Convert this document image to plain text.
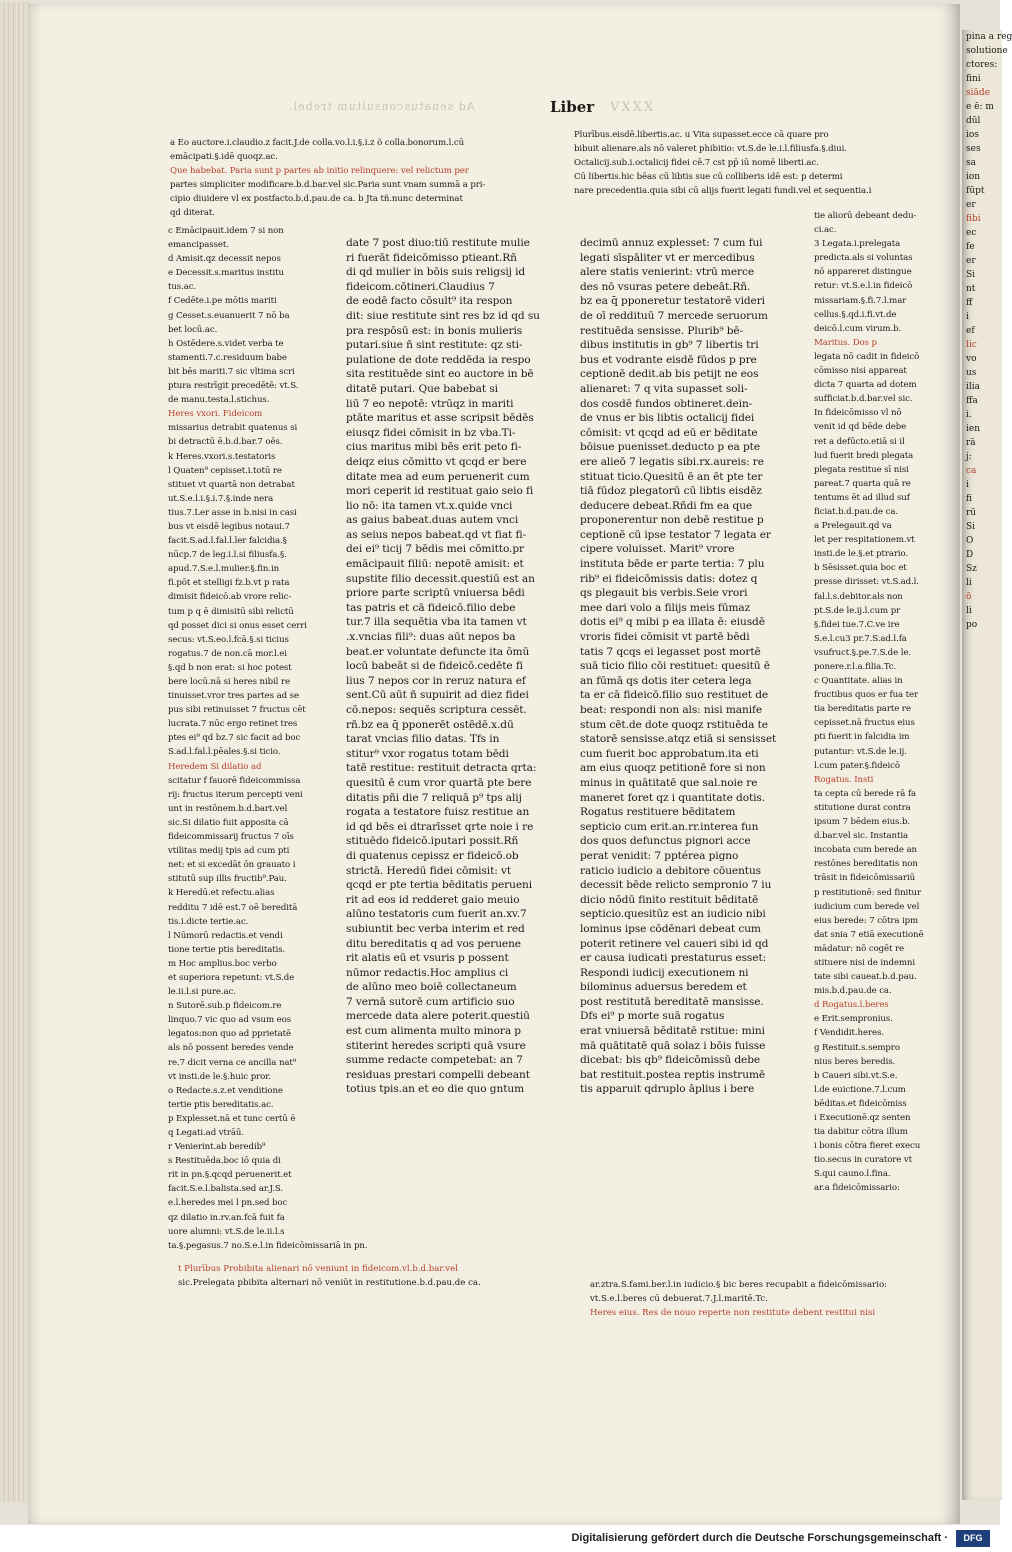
Ad senatusconsultum trebel.	Liber VXXX

a Eo auctore.i.claudio.z facit.J.de colla.vo.l.i.§.i.z ö colla.bonorum.l.cū

emācipati.§.idē quoqz.ac.

Que habebat. Paria sunt p partes ab initio relinquere: vel relictum per

partes simpliciter modificare.b.d.bar.vel sic.Paria sunt vnam summā a pri-

cipio diuidere vl ex postfacto.b.d.pau.de ca. b Jta tñ.nunc determinat

qd diterat.

Plurībus.eisdē.libertis.ac. u Vita supasset.ecce cā quare pro

bibuit alienare.als nō valeret phibitio: vt.S.de le.i.l.filiusfa.§.diui.

Octalicij.sub.i.octalicij fidei cē.7 cst pp̄ iū nomē liberti.ac.

Cū libertis.hic bēas cū libtis sue cū colliberis idē est: p determi

nare precedentia.quia sibi cū alijs fuerit legati fundi.vel et sequentia.i

c Emācipauit.idem 7 si non

emancipasset.

d Amisit.qz decessit nepos

e Decessit.s.maritus institu

tus.ac.

f Cedēte.i.pe mōtis mariti

g Cesset.s.euanuerit 7 nō ba

bet locū.ac.

h Ostēdere.s.videt verba te

stamenti.7.c.residuum babe

bit bēs mariti.7 sic vltima scri

ptura restrīgit precedētē: vt.S.

de manu.testa.l.stichus.

Heres vxori. Fideicom

missarius detrabit quatenus si

bi detractū ē.b.d.bar.7 oēs.

k Heres.vxori.s.testatoris

l Quaten⁹ cepisset.i.totū re

stituet vt quartā non detrabat

ut.S.e.l.i.§.i.7.§.inde nera

tius.7.Ler asse in b.nisi in casi

bus vt eisdē legibus notaui.7

facit.S.ad.l.fal.l.ler falcidia.§

nūcp.7 de leg.i.l.si filiusfa.§.

apud.7.S.e.l.mulier.§.fin.in

fi.pōt et stelligi fz.b.vt p rata

dimisit fideicō.ab vrore relic-

tum p q ē dimisitū sibi relictū

qd posset dici si onus esset cerri

secus: vt.S.eo.l.fcā.§.si ticius

rogatus.7 de non.cā mor.l.ei

§.qd b non erat: si hoc potest

bere locū.nā si heres nibil re

tinuisset.vror tres partes ad se

pus sibi retinuisset 7 fructus cēt

lucrata.7 nūc ergo retinet tres

ptes ei⁹ qd bz.7 sic facit ad boc

S.ad.l.fal.l.pēales.§.si ticio.

Heredem Si dilatio ad

scitatur f fauorē fideicommissa

rij: fructus iterum percepti veni

unt in restōnem.b.d.bart.vel

sic.Si dilatio fuit apposita cā

fideicommissarij fructus 7 oīs

vtilitas medij tpis ad cum pti

net: et si excedāt ōn grauato i

stitutū sup illis fructib⁹.Pau.

k Heredū.et refectu.alias

redditu 7 idē est.7 oē bereditā

tis.i.dicte tertie.ac.

l Nūmorū redactis.et vendi

tione tertie ptis bereditatis.

m Hoc amplius.boc verbo

et superiora repetunt: vt.S.de

le.ii.l.si pure.ac.

n Sutorē.sub.p fideicom.re

linquo.7 vic quo ad vsum eos

legatos:non quo ad pprietatē

als nō possent beredes vende

re.7 dicit verna ce ancilla nat⁹

vt insti.de le.§.huic pror.

o Redacte.s.z.et venditione

tertie ptis bereditatis.ac.

p Explesset.nā et tunc certū ē

q Legati.ad vtrāū.

r Venierint.ab beredib⁹

s Restituēda.boc iō quia di

rit in pn.§.qcqd peruenerit.et

facit.S.e.l.balista.sed ar.J.S.

e.l.heredes mei l pn.sed boc

qz dilatio in.rv.an.fcā fuit fa

uore alumni: vt.S.de le.ii.l.s

ta.§.pegasus.7 no.S.e.l.in fideicōmissariā in pn.

date 7 post diuo:tiū restitute mulie

ri fuerāt fideicōmisso ptieant.Rñ

di qd mulier in bōis suis religsij id

fideicom.cōtineri.Claudius 7

de eodē facto cōsult⁹ ita respon

dit: siue restitute sint res bz id qd su

pra respōsū est: in bonis mulieris

putari.siue ñ sint restitute: qz sti-

pulatione de dote reddēda ia respo

sita restituēde sint eo auctore in bē

ditatē putari. Que babebat si

liū 7 eo nepotē: vtrūqz in mariti

ptāte maritus et asse scripsit bēdēs

eiusqz fidei cōmisit in bz vba.Ti-

cius maritus mibi bēs erit peto fi-

deiqz eius cōmitto vt qcqd er bere

ditate mea ad eum peruenerit cum

mori ceperit id restituat gaio seio fi

lio nō: ita tamen vt.x.quide vnci

as gaius babeat.duas autem vnci

as seius nepos babeat.qd vt fiat fi-

dei ei⁹ ticij 7 bēdis mei cōmitto.pr

emācipauit filiū: nepotē amisit: et

supstite filio decessit.questiū est an

priore parte scriptū vniuersa bēdi

tas patris et cā fideicō.filio debe

tur.7 illa sequētia vba ita tamen vt

.x.vncias fili⁹: duas aūt nepos ba

beat.er voluntate defuncte ita ōmū

locū babeāt si de fideicō.cedēte fi

lius 7 nepos cor in reruz natura ef

sent.Cū aūt ñ supuirit ad diez fidei

cō.nepos: sequēs scriptura cessēt.

rñ.bz ea q̄ pponerēt ostēdē.x.dū

tarat vncias filio datas. Tfs in

stitur⁹ vxor rogatus totam bēdi

tatē restitue: restituit detracta qrta:

quesitū ē cum vror quartā pte bere

ditatis pñi die 7 reliquā p⁹ tps alij

rogata a testatore fuisz restitue an

id qd bēs ei dtrarīsset qrte noie i re

stituēdo fideicō.iputari possit.Rñ

di quatenus cepissz er fideicō.ob

strictā. Heredū fidei cōmisit: vt

qcqd er pte tertia bēditatis perueni

rit ad eos id redderet gaio meuio

alūno testatoris cum fuerit an.xv.7

subiuntit bec verba interim et red

ditu bereditatis q ad vos peruene

rit alatis eū et vsuris p possent

nūmor redactis.Hoc amplius ci

de alūno meo boiē collectaneum

7 vernā sutorē cum artificio suo

mercede data alere poterit.questiū

est cum alimenta multo minora p

stiterint heredes scripti quā vsure

summe redacte competebat: an 7

residuas prestari compelli debeant

totius tpis.an et eo die quo gntum

decimū annuz explesset: 7 cum fui

legati sīspāliter vt er mercedibus

alere statis venierint: vtrū merce

des nō vsuras petere debeāt.Rñ.

bz ea q̄ pponeretur testatorē videri

de oī reddituū 7 mercede seruorum

restituēda sensisse. Plurib⁹ bē-

dibus institutis in gb⁹ 7 libertis tri

bus et vodrante eisdē fūdos p pre

ceptionē dedit.ab bis petijt ne eos

alienaret: 7 q vita supasset soli-

dos cosdē fundos obtineret.dein-

de vnus er bis libtis octalicij fidei

cōmisit: vt qcqd ad eū er bēditate

bōisue puenisset.deducto p ea pte

ere alieō 7 legatis sibi.rx.aureis: re

stituat ticio.Quesitū ē an ēt pte ter

tiā fūdoz plegatorū cū libtis eisdēz

deducere debeat.Rñdi fm ea que

proponerentur non debē restitue p

ceptionē cū ipse testator 7 legata er

cipere voluisset. Marit⁹ vrore

instituta bēde er parte tertia: 7 plu

rib⁹ ei fideicōmissis datis: dotez q

qs plegauit bis verbis.Seie vrori

mee dari volo a filijs meis fūmaz

dotis ei⁹ q mibi p ea illata ē: eiusdē

vroris fidei cōmisit vt partē bēdi

tatis 7 qcqs ei legasset post mortē

suā ticio filio cōi restituet: quesitū ē

an fūmā qs dotis iter cetera lega

ta er cā fideicō.filio suo restituet de

beat: respondi non als: nisi manife

stum cēt.de dote quoqz rstituēda te

statorē sensisse.atqz etiā si sensisset

cum fuerit boc approbatum.ita eti

am eius quoqz petitionē fore si non

minus in quātitatē que sal.noie re

maneret foret qz i quantitate dotis.

Rogatus restituere bēditatem

septicio cum erit.an.rr.interea fun

dos quos defunctus pignori acce

perat venidit: 7 pptérea pigno

raticio iudicio a debitore cōuentus

decessit bēde relicto sempronio 7 iu

dicio nōdū finito restituit bēditatē

septicio.quesitūz est an iudicio nibi

lominus ipse cōdēnari debeat cum

poterit retinere vel caueri sibi id qd

er causa iudicati prestaturus esset:

Respondi iudicij executionem ni

bilominus aduersus beredem et

post restitutā bereditatē mansisse.

Dfs ei⁹ p morte suā rogatus

erat vniuersā bēditatē rstitue: mini

mā quātitatē quā solaz i bōis fuisse

dicebat: bis qb⁹ fideicōmissū debe

bat restituit.postea reptis instrumē

tis apparuit qdruplo āplius i bere

tie aliorū debeant dedu-

ci.ac.

3 Legata.i.prelegata

predicta.als si voluntas

nō appareret distingue

retur: vt.S.e.l.in fideicō

missariam.§.fi.7.l.mar

cellus.§.qd.i.fi.vt.de

deicō.l.cum virum.b.

Maritus. Dos p

legata nō cadit in fideicō

cōmisso nisi appareat

dicta 7 quarta ad dotem

sufficiat.b.d.bar.vel sic.

In fideicōmisso vl nō

venit id qd bēde debe

ret a defūcto.etiā si il

lud fuerit bredi plegata

plegata restitue sī nisi

pareat.7 quarta quā re

tentums ēt ad illud suf

ficiat.b.d.pau.de ca.

a Prelegauit.qd va

let per respitationem.vt

insti.de le.§.et ptrario.

b Sēsisset.quia boc et

presse dirisset: vt.S.ad.l.

fal.l.s.debitor.als non

pt.S.de le.ij.l.cum pr

§.fidei tue.7.C.ve ire

S.e.l.cu3 pr.7.S.ad.l.fa

vsufruct.§.pe.7.S.de le.

ponere.r.l.a.filia.Tc.

c Quantitate. alias in

fructibus quos er fua ter

tia bereditatis parte re

cepisset.nā fructus eius

pti fuerit in falcidia im

putantur: vt.S.de le.ij.

l.cum pater.§.fideicō

Rogatus. Insti

ta cepta cū berede rā fa

stitutione durat contra

ipsum 7 bēdem eius.b.

d.bar.vel sic. Instantia

incobata cum berede an

restōnes bereditatis non

trāsit in fideicōmissariū

p restitutionē: sed finitur

iudicium cum berede vel

eius berede: 7 cōtra ipm

dat snia 7 etiā executionē

mādatur: nō cogēt re

stituere nisi de indemni

tate sibi caueat.b.d.pau.

mis.b.d.pau.de ca.

d Rogatus.l.beres

e Erit.sempronius.

f Vendidit.heres.

g Restituit.s.sempro

nius beres beredis.

b Caueri sibi.vt.S.e.

l.de euictione.7.l.cum

bēditas.et fideicōmiss

i Executionē.qz senten

tia dabitur cōtra illum

i bonis cōtra fieret execu

tio.secus in curatore vt

S.qui cauno.l.fina.

ar.a fideicōmissario:

t Plurībus Probibita alienari nō veniunt in fideicom.vl.b.d.bar.vel

sic.Prelegata pbibita alternari nō veniūt in restitutione.b.d.pau.de ca.	ar.ztra.S.fami.ber.l.in iudicio.§ bic beres recupabit a fideicōmissario:

vt.S.e.l.beres cū debuerat.7.J.l.maritē.Tc.

Heres eius. Res de nouo reperte non restitute debent restitui nisi

pina a reg
solutione
ctores:
fini
siāde
e ē: m
dūl
ios
ses
sa
ion
fūpt
er
fibi
ec
fe
er
Si
nt
ff
i
ef
lic
vo
us
ilia
ffa
i.
ien
rā
j:
ca
i
fi
rū
Si
O
D
Sz
li
ō
li
po
Digitalisierung gefördert durch die Deutsche Forschungsgemeinschaft ·	DFG
